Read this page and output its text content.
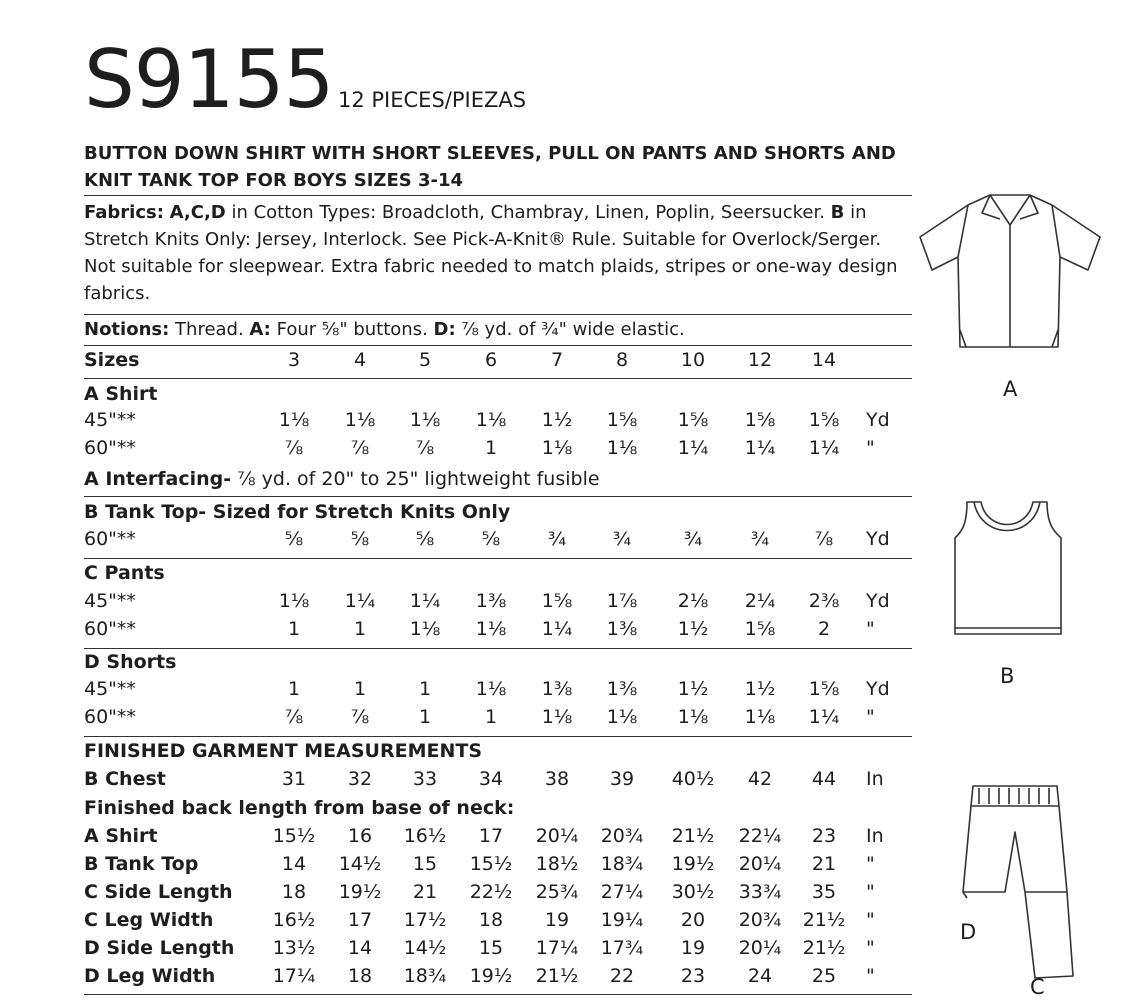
S9155 12 PIECES/PIEZAS
BUTTON DOWN SHIRT WITH SHORT SLEEVES, PULL ON PANTS AND SHORTS AND KNIT TANK TOP FOR BOYS SIZES 3-14
Fabrics: A,C,D in Cotton Types: Broadcloth, Chambray, Linen, Poplin, Seersucker. B in Stretch Knits Only: Jersey, Interlock. See Pick-A-Knit® Rule. Suitable for Overlock/Serger. Not suitable for sleepwear. Extra fabric needed to match plaids, stripes or one-way design fabrics.
Notions: Thread. A: Four ⅝" buttons. D: ⅞ yd. of ¾" wide elastic.
Sizes	3	4	5	6	7	8	10	12	14
A Shirt
45"**	1⅛	1⅛	1⅛	1⅛	1½	1⅝	1⅝	1⅝	1⅝	Yd
60"**	⅞	⅞	⅞	1	1⅛	1⅛	1¼	1¼	1¼	"
A Interfacing- ⅞ yd. of 20" to 25" lightweight fusible
B Tank Top- Sized for Stretch Knits Only
60"**	⅝	⅝	⅝	⅝	¾	¾	¾	¾	⅞	Yd
C Pants
45"**	1⅛	1¼	1¼	1⅜	1⅝	1⅞	2⅛	2¼	2⅜	Yd
60"**	1	1	1⅛	1⅛	1¼	1⅜	1½	1⅝	2	"
D Shorts
45"**	1	1	1	1⅛	1⅜	1⅜	1½	1½	1⅝	Yd
60"**	⅞	⅞	1	1	1⅛	1⅛	1⅛	1⅛	1¼	"
FINISHED GARMENT MEASUREMENTS
B Chest	31	32	33	34	38	39	40½	42	44	In
Finished back length from base of neck:
A Shirt	15½	16	16½	17	20¼	20¾	21½	22¼	23	In
B Tank Top	14	14½	15	15½	18½	18¾	19½	20¼	21	"
C Side Length	18	19½	21	22½	25¾	27¼	30½	33¾	35	"
C Leg Width	16½	17	17½	18	19	19¼	20	20¾	21½	"
D Side Length	13½	14	14½	15	17¼	17¾	19	20¼	21½	"
D Leg Width	17¼	18	18¾	19½	21½	22	23	24	25	"
A
B
D
C
